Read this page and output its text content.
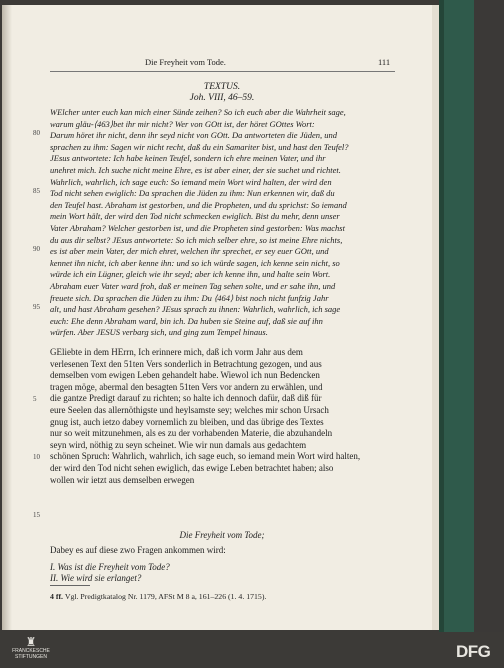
Die Freyheit vom Tode.	111
TEXTUS.
Joh. VIII, 46–59.
WElcher unter euch kan mich einer Sünde zeihen? So ich euch aber die Wahrheit sage,
warum gläu-⟨463⟩bet ihr mir nicht? Wer von GOtt ist, der höret GOttes Wort:
Darum höret ihr nicht, denn ihr seyd nicht von GOtt. Da antworteten die Jüden, und
sprachen zu ihm: Sagen wir nicht recht, daß du ein Samariter bist, und hast den Teufel?
JEsus antwortete: Ich habe keinen Teufel, sondern ich ehre meinen Vater, und ihr
unehret mich. Ich suche nicht meine Ehre, es ist aber einer, der sie suchet und richtet.
Wahrlich, wahrlich, ich sage euch: So iemand mein Wort wird halten, der wird den
Tod nicht sehen ewiglich: Da sprachen die Jüden zu ihm: Nun erkennen wir, daß du
den Teufel hast. Abraham ist gestorben, und die Propheten, und du sprichst: So iemand
mein Wort hält, der wird den Tod nicht schmecken ewiglich. Bist du mehr, denn unser
Vater Abraham? Welcher gestorben ist, und die Propheten sind gestorben: Was machst
du aus dir selbst? JEsus antwortete: So ich mich selber ehre, so ist meine Ehre nichts,
es ist aber mein Vater, der mich ehret, welchen ihr sprechet, er sey euer GOtt, und
kennet ihn nicht, ich aber kenne ihn: und so ich würde sagen, ich kenne sein nicht, so
würde ich ein Lügner, gleich wie ihr seyd; aber ich kenne ihn, und halte sein Wort.
Abraham euer Vater ward froh, daß er meinen Tag sehen solte, und er sahe ihn, und
freuete sich. Da sprachen die Jüden zu ihm: Du ⟨464⟩ bist noch nicht funfzig Jahr
alt, und hast Abraham gesehen? JEsus sprach zu ihnen: Wahrlich, wahrlich, ich sage
euch: Ehe denn Abraham ward, bin ich. Da huben sie Steine auf, daß sie auf ihn
würfen. Aber JESUS verbarg sich, und ging zum Tempel hinaus.
80
85
90
95
GEliebte in dem HErrn, Ich erinnere mich, daß ich vorm Jahr aus dem
verlesenen Text den 51ten Vers sonderlich in Betrachtung gezogen, und aus
demselben vom ewigen Leben gehandelt habe. Wiewol ich nun Bedencken
tragen möge, abermal den besagten 51ten Vers vor andern zu erwählen, und
die gantze Predigt darauf zu richten; so halte ich dennoch dafür, daß diß für
eure Seelen das allernöthigste und heylsamste sey; welches mir schon Ursach
gnug ist, auch ietzo dabey vornemlich zu bleiben, und das übrige des Textes
nur so weit mitzunehmen, als es zu der vorhabenden Materie, die abzuhandeln
seyn wird, nöthig zu seyn scheinet. Wie wir nun damals aus gedachtem
schönen Spruch: Wahrlich, wahrlich, ich sage euch, so iemand mein Wort wird halten,
der wird den Tod nicht sehen ewiglich, das ewige Leben betrachtet haben; also
wollen wir ietzt aus demselben erwegen
5
10
15
Die Freyheit vom Tode;
Dabey es auf diese zwo Fragen ankommen wird:
I. Was ist die Freyheit vom Tode?
II. Wie wird sie erlanget?
4 ff. Vgl. Predigtkatalog Nr. 1179, AFSt M 8 a, 161–226 (1. 4. 1715).
♜
FRANCKESCHE
STIFTUNGEN	DFG
